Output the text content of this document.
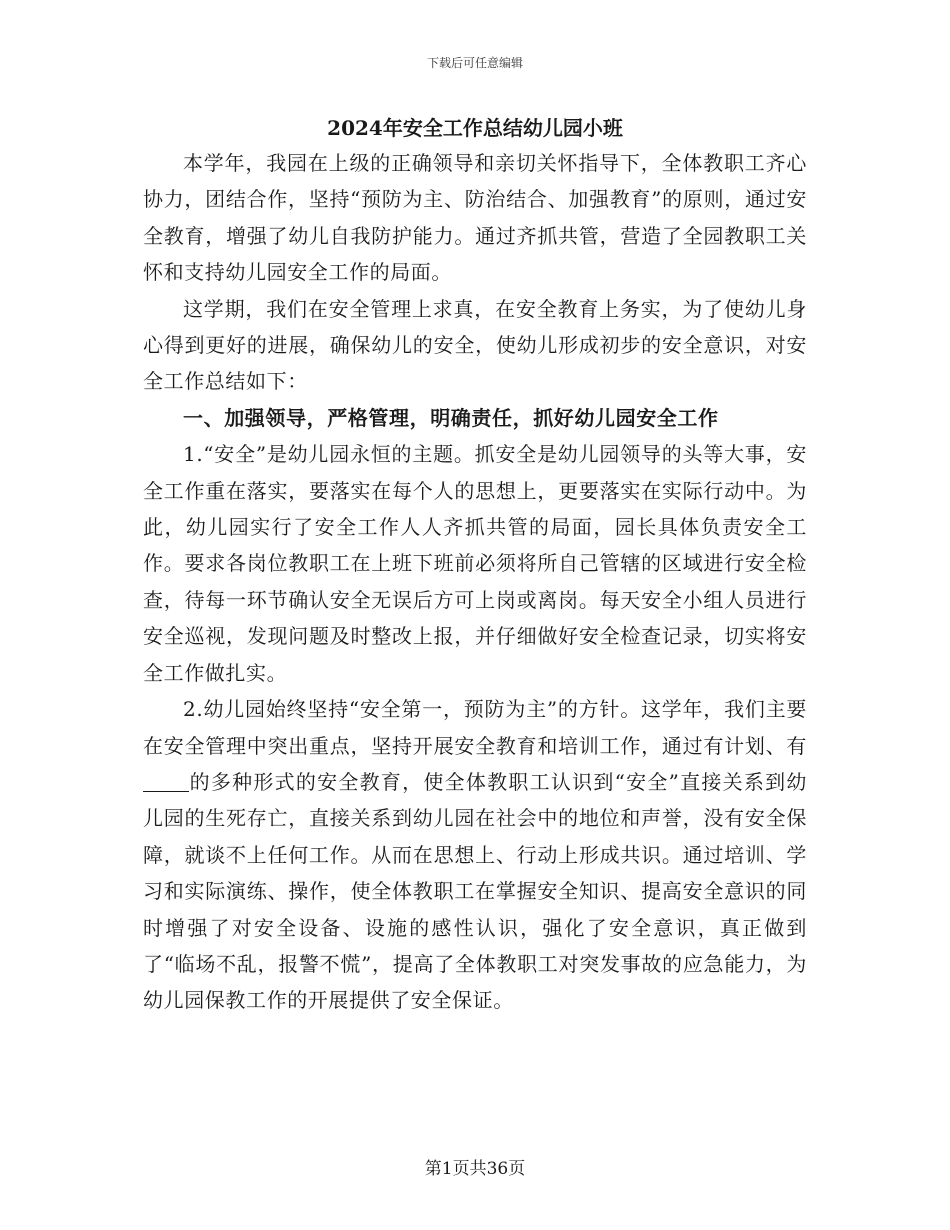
下载后可任意编辑
2024年安全工作总结幼儿园小班

本学年，我园在上级的正确领导和亲切关怀指导下，全体教职工齐心协力，团结合作，坚持“预防为主、防治结合、加强教育”的原则，通过安全教育，增强了幼儿自我防护能力。通过齐抓共管，营造了全园教职工关怀和支持幼儿园安全工作的局面。

这学期，我们在安全管理上求真，在安全教育上务实，为了使幼儿身心得到更好的进展，确保幼儿的安全，使幼儿形成初步的安全意识，对安全工作总结如下：

一、加强领导，严格管理，明确责任，抓好幼儿园安全工作

1.“安全”是幼儿园永恒的主题。抓安全是幼儿园领导的头等大事，安全工作重在落实，要落实在每个人的思想上，更要落实在实际行动中。为此，幼儿园实行了安全工作人人齐抓共管的局面，园长具体负责安全工作。要求各岗位教职工在上班下班前必须将所自己管辖的区域进行安全检查，待每一环节确认安全无误后方可上岗或离岗。每天安全小组人员进行安全巡视，发现问题及时整改上报，并仔细做好安全检查记录，切实将安全工作做扎实。

2.幼儿园始终坚持“安全第一，预防为主”的方针。这学年，我们主要在安全管理中突出重点，坚持开展安全教育和培训工作，通过有计划、有的多种形式的安全教育，使全体教职工认识到“安全”直接关系到幼儿园的生死存亡，直接关系到幼儿园在社会中的地位和声誉，没有安全保障，就谈不上任何工作。从而在思想上、行动上形成共识。通过培训、学习和实际演练、操作，使全体教职工在掌握安全知识、提高安全意识的同时增强了对安全设备、设施的感性认识，强化了安全意识，真正做到了“临场不乱，报警不慌”，提高了全体教职工对突发事故的应急能力，为幼儿园保教工作的开展提供了安全保证。

第1页共36页
